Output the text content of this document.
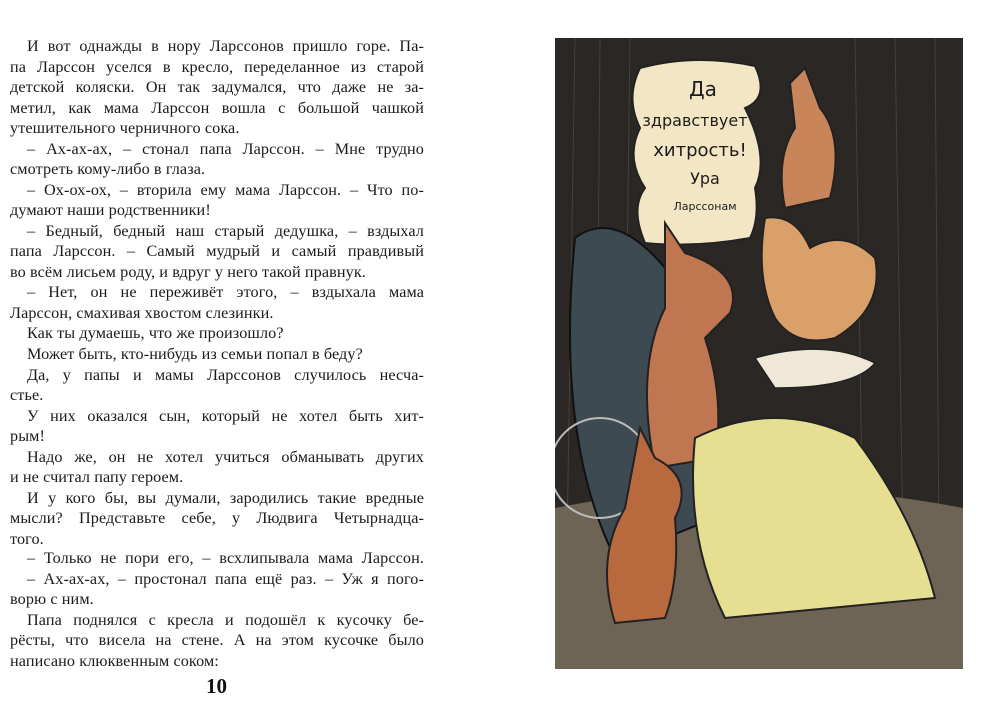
И вот однажды в нору Ларссонов пришло горе. Па-
па Ларссон уселся в кресло, переделанное из старой
детской коляски. Он так задумался, что даже не за-
метил, как мама Ларссон вошла с большой чашкой
утешительного черничного сока.
– Ах-ах-ах, – стонал папа Ларссон. – Мне трудно
смотреть кому-либо в глаза.
– Ох-ох-ох, – вторила ему мама Ларссон. – Что по-
думают наши родственники!
– Бедный, бедный наш старый дедушка, – вздыхал
папа Ларссон. – Самый мудрый и самый правдивый
во всём лисьем роду, и вдруг у него такой правнук.
– Нет, он не переживёт этого, – вздыхала мама
Ларссон, смахивая хвостом слезинки.
Как ты думаешь, что же произошло?
Может быть, кто-нибудь из семьи попал в беду?
Да, у папы и мамы Ларссонов случилось несча-
стье.
У них оказался сын, который не хотел быть хит-
рым!
Надо же, он не хотел учиться обманывать других
и не считал папу героем.
И у кого бы, вы думали, зародились такие вредные
мысли? Представьте себе, у Людвига Четырнадца-
того.
– Только не пори его, – всхлипывала мама Ларссон.
– Ах-ах-ах, – простонал папа ещё раз. – Уж я пого-
ворю с ним.
Папа поднялся с кресла и подошёл к кусочку бе-
рёсты, что висела на стене. А на этом кусочке было
написано клюквенным соком:
10
Да
здравствует
хитрость!
Ура
Ларссонам
